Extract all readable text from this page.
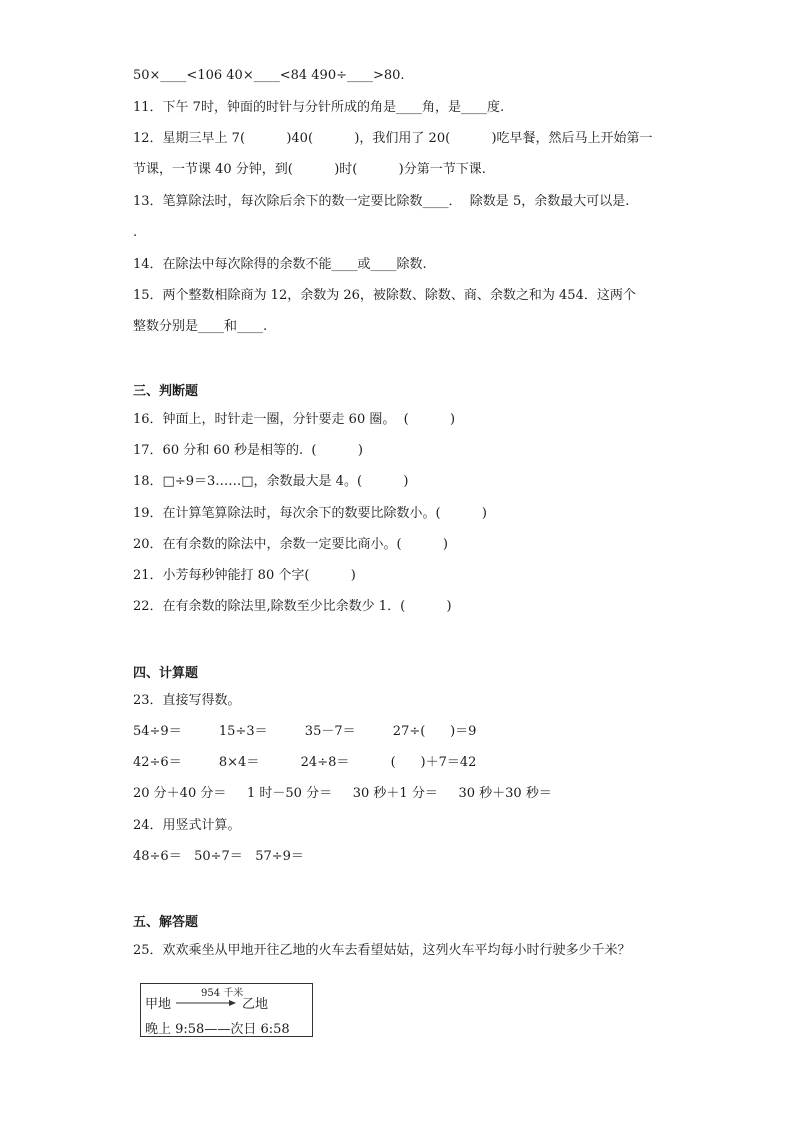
50×____<106 40×____<84 490÷____>80.
11．下午 7时，钟面的时针与分针所成的角是____角，是____度.
12．星期三早上 7(          )40(          )，我们用了 20(          )吃早餐，然后马上开始第一
节课，一节课 40 分钟，到(          )时(          )分第一节下课.
13．笔算除法时，每次除后余下的数一定要比除数____．  除数是 5，余数最大可以是.
.
14．在除法中每次除得的余数不能____或____除数.
15．两个整数相除商为 12，余数为 26，被除数、除数、商、余数之和为 454．这两个
整数分别是____和____.
三、判断题
16．钟面上，时针走一圈，分针要走 60 圈。  (          )
17．60 分和 60 秒是相等的.  (          )
18．□÷9＝3……□，余数最大是 4。(          )
19．在计算笔算除法时，每次余下的数要比除数小。(          )
20．在有余数的除法中，余数一定要比商小。(          )
21．小芳每秒钟能打 80 个字(          )
22．在有余数的除法里,除数至少比余数少 1．(          )
四、计算题
23．直接写得数。
54÷9＝         15÷3＝         35－7＝         27÷(      )＝9
42÷6＝         8×4＝          24÷8＝          (      )＋7＝42
20 分＋40 分＝     1 时－50 分＝     30 秒＋1 分＝     30 秒＋30 秒＝
24．用竖式计算。
48÷6＝   50÷7＝   57÷9＝
五、解答题
25．欢欢乘坐从甲地开往乙地的火车去看望姑姑，这列火车平均每小时行驶多少千米？
甲地
954 千米
乙地
晚上 9:58——次日 6:58
